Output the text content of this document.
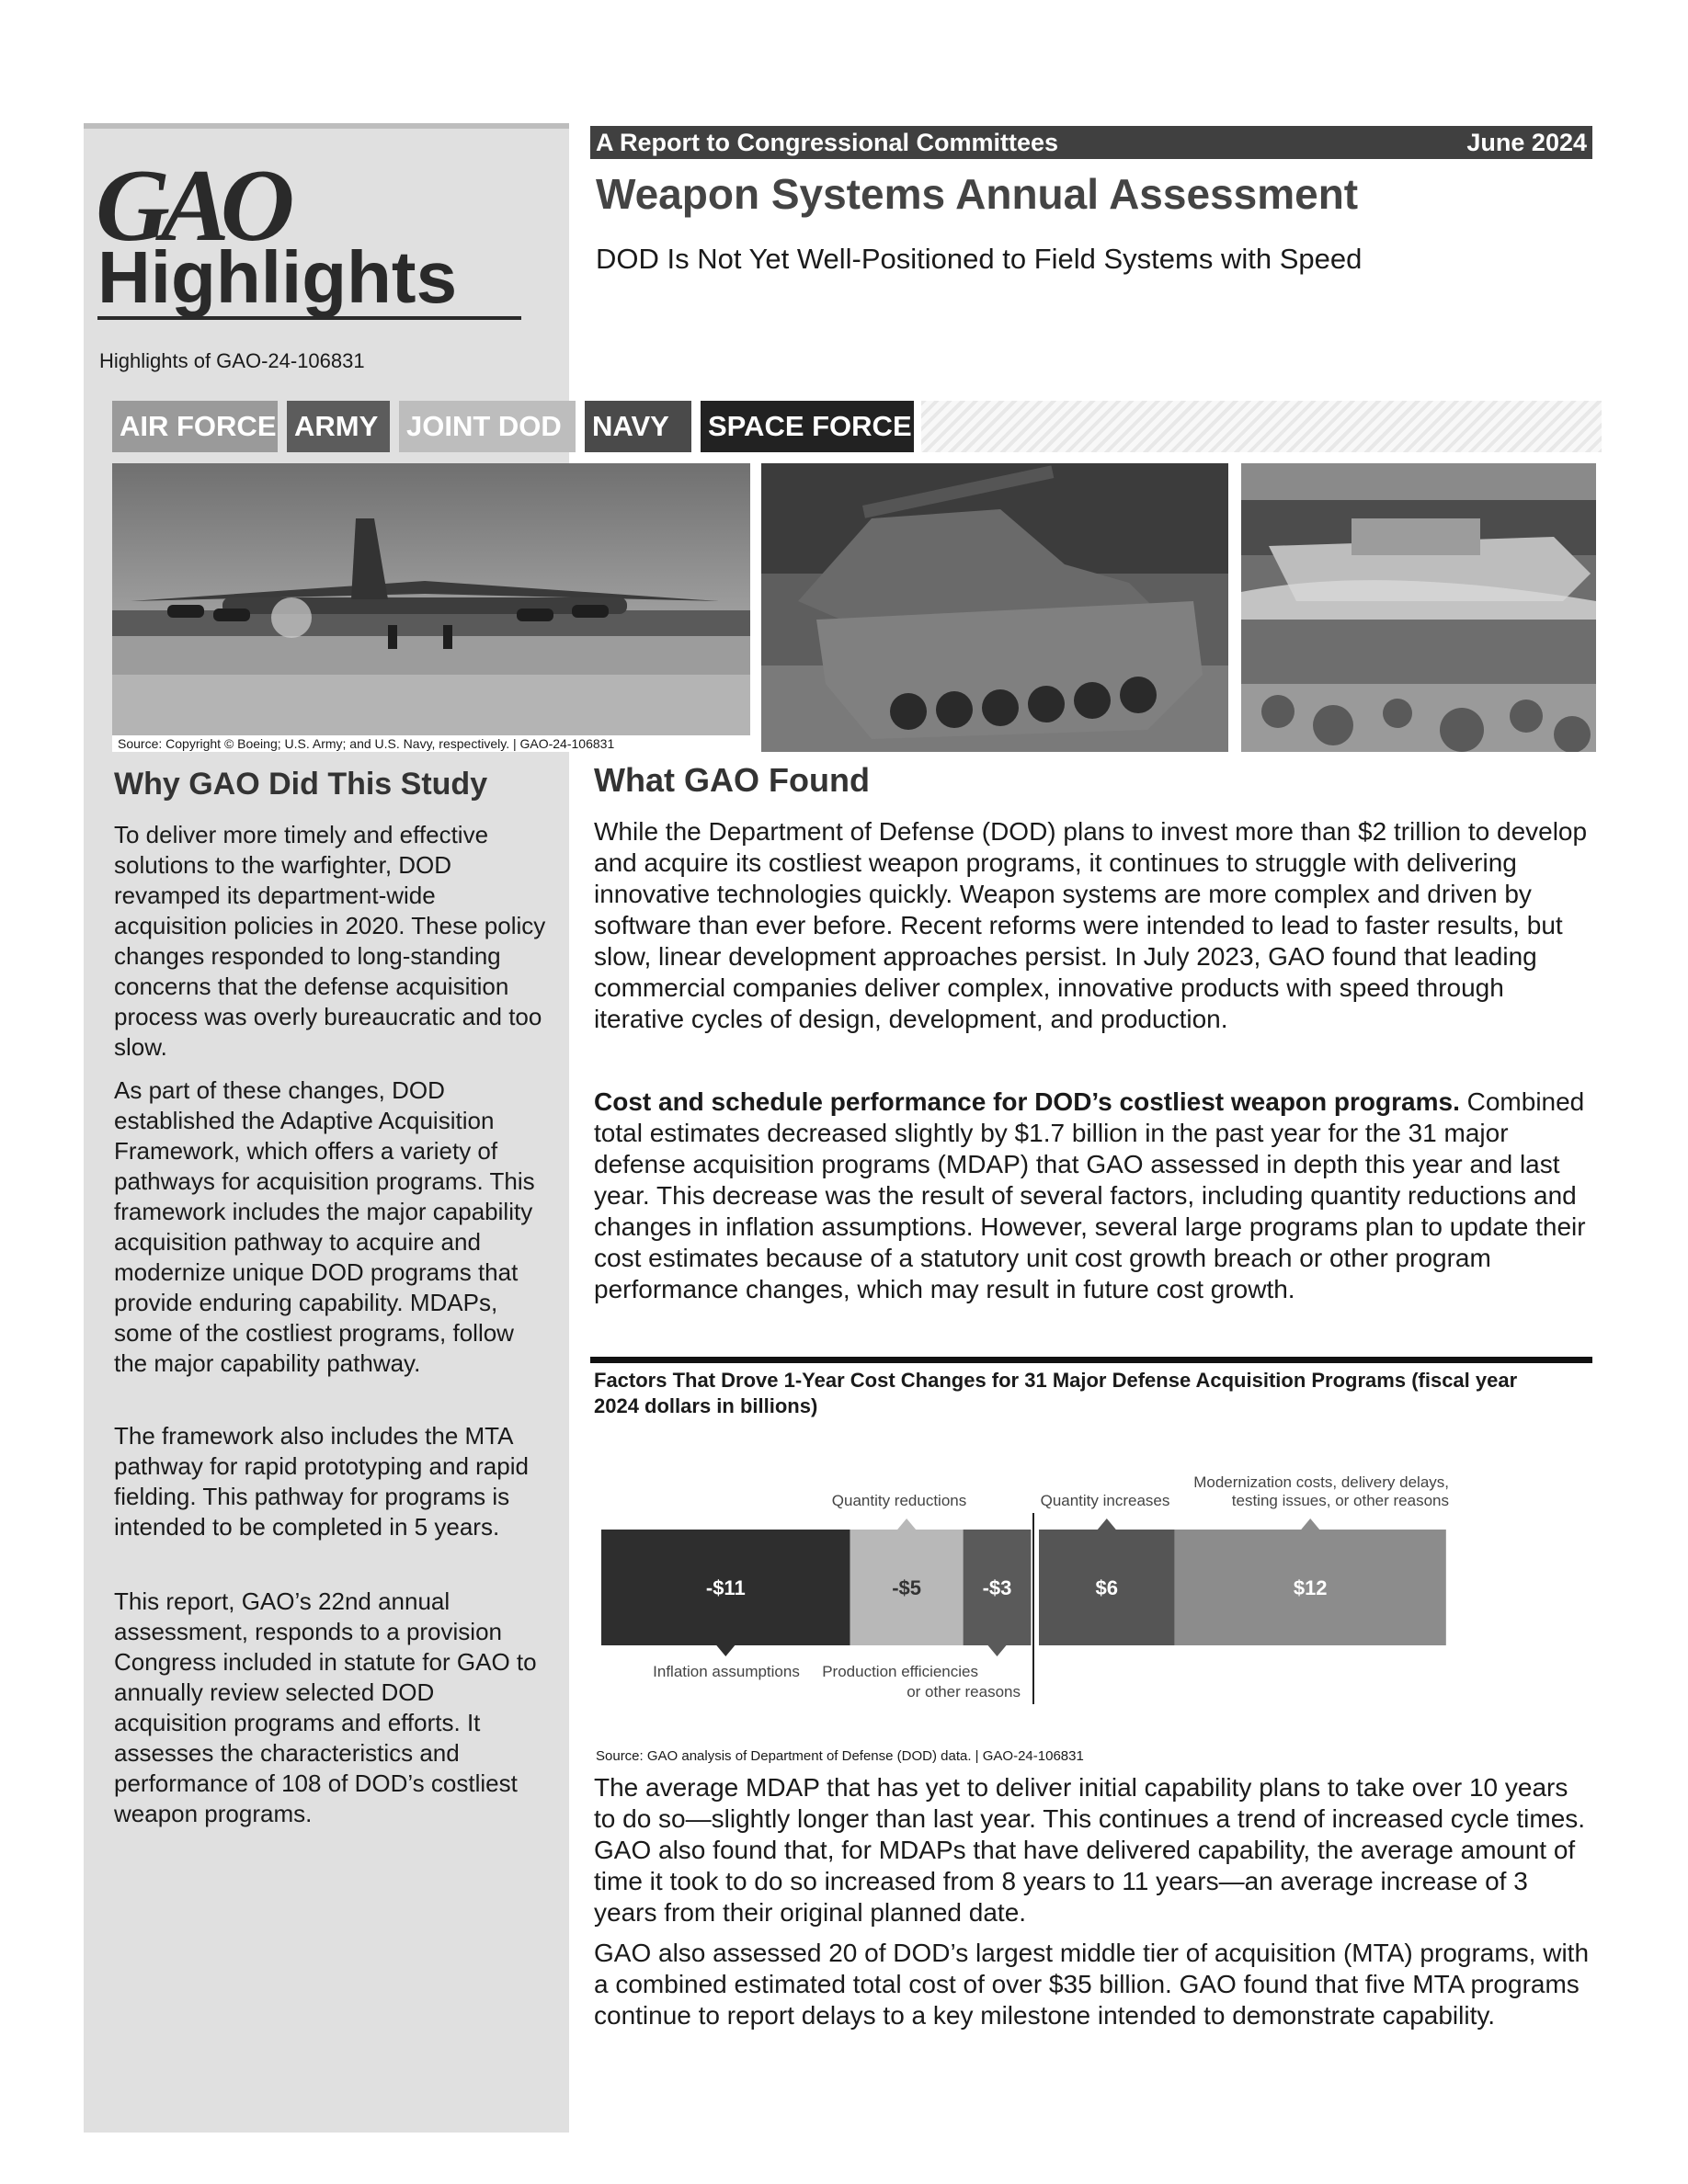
GAO
Highlights
Highlights of GAO-24-106831
A Report to Congressional Committees	June 2024
Weapon Systems Annual Assessment
DOD Is Not Yet Well-Positioned to Field Systems with Speed
AIR FORCE ARMY JOINT DOD	NAVY	SPACE FORCE
Source: Copyright © Boeing; U.S. Army; and U.S. Navy, respectively. | GAO-24-106831
Why GAO Did This Study

To deliver more timely and effective solutions to the warfighter, DOD revamped its department-wide acquisition policies in 2020. These policy changes responded to long-standing concerns that the defense acquisition process was overly bureaucratic and too slow.

As part of these changes, DOD established the Adaptive Acquisition Framework, which offers a variety of pathways for acquisition programs. This framework includes the major capability acquisition pathway to acquire and modernize unique DOD programs that provide enduring capability. MDAPs, some of the costliest programs, follow the major capability pathway.

The framework also includes the MTA pathway for rapid prototyping and rapid fielding. This pathway for programs is intended to be completed in 5 years.

This report, GAO’s 22nd annual assessment, responds to a provision Congress included in statute for GAO to annually review selected DOD acquisition programs and efforts. It assesses the characteristics and performance of 108 of DOD’s costliest weapon programs.

What GAO Found

While the Department of Defense (DOD) plans to invest more than $2 trillion to develop and acquire its costliest weapon programs, it continues to struggle with delivering innovative technologies quickly. Weapon systems are more complex and driven by software than ever before. Recent reforms were intended to lead to faster results, but slow, linear development approaches persist. In July 2023, GAO found that leading commercial companies deliver complex, innovative products with speed through iterative cycles of design, development, and production.

Cost and schedule performance for DOD’s costliest weapon programs. Combined total estimates decreased slightly by $1.7 billion in the past year for the 31 major defense acquisition programs (MDAP) that GAO assessed in depth this year and last year. This decrease was the result of several factors, including quantity reductions and changes in inflation assumptions. However, several large programs plan to update their cost estimates because of a statutory unit cost growth breach or other program performance changes, which may result in future cost growth.

Factors That Drove 1-Year Cost Changes for 31 Major Defense Acquisition Programs (fiscal year 2024 dollars in billions)
-$11	-$5	-$3	$6	$12
Quantity reductions	Quantity increases
Modernization costs, delivery delays,
testing issues, or other reasons
Inflation assumptions Production efficiencies
or other reasons
Source: GAO analysis of Department of Defense (DOD) data. | GAO-24-106831

The average MDAP that has yet to deliver initial capability plans to take over 10 years to do so—slightly longer than last year. This continues a trend of increased cycle times. GAO also found that, for MDAPs that have delivered capability, the average amount of time it took to do so increased from 8 years to 11 years—an average increase of 3 years from their original planned date.

GAO also assessed 20 of DOD’s largest middle tier of acquisition (MTA) programs, with a combined estimated total cost of over $35 billion. GAO found that five MTA programs continue to report delays to a key milestone intended to demonstrate capability.
